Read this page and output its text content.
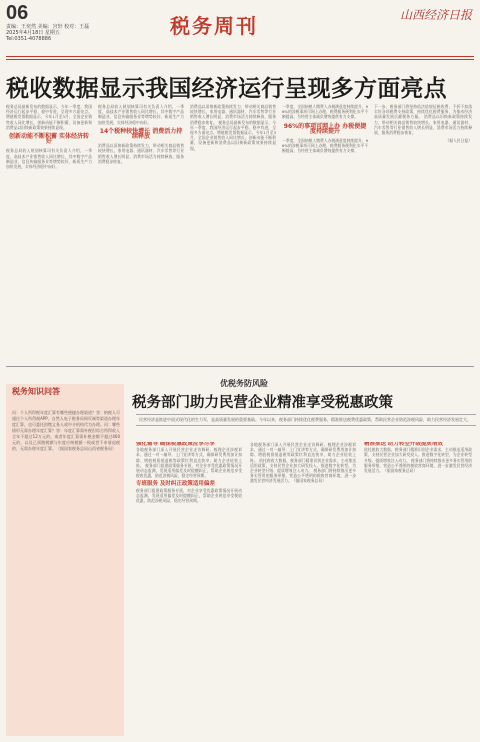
06
责编：王奕然 美编：宫轩 校对：王磊
2025年4月18日 星期五
Tel:0351-4078886
税务周刊	山西经济日报
税收数据显示我国经济运行呈现多方面亮点
税务总局最新发布的数据显示，今年一季度，我国经济运行起步平稳、稳中有进，呈现多方面亮点。增值税发票数据显示，今年1月至3月，全国企业销售收入同比增长，创新动能不断积蓄，设备更新和消费品以旧换新政策效果持续显现。
创新动能不断积蓄 实体经济转好
税务总局收入规划核算司有关负责人介绍，一季度，高技术产业销售收入同比增长，其中数字产品制造业、信息传输服务业等增势较好，新质生产力加快发展，实体经济稳中向好。
税务总局收入规划核算司有关负责人介绍，一季度，高技术产业销售收入同比增长，其中数字产品制造业、信息传输服务业等增势较好，新质生产力加快发展，实体经济稳中向好。
14个税种较快增长 消费活力持续释放
消费品以旧换新政策持续发力，带动相关商品销售较快增长，家用电器、通讯器材、汽车零售等行业销售收入增长明显，消费市场活力持续释放，服务消费稳步恢复。
消费品以旧换新政策持续发力，带动相关商品销售较快增长，家用电器、通讯器材、汽车零售等行业销售收入增长明显，消费市场活力持续释放，服务消费稳步恢复。 税务总局最新发布的数据显示，今年一季度，我国经济运行起步平稳、稳中有进，呈现多方面亮点。增值税发票数据显示，今年1月至3月，全国企业销售收入同比增长，创新动能不断积蓄，设备更新和消费品以旧换新政策效果持续显现。
一季度，全国纳税人缴费人办税满意度持续提升，96%的涉税事项可网上办理，税费服务便利化水平不断提高，为经营主体减负增效提供有力支撑。
96%的事项可网上办 办税便捷度持续提升
一季度，全国纳税人缴费人办税满意度持续提升，96%的涉税事项可网上办理，税费服务便利化水平不断提高，为经营主体减负增效提供有力支撑。
下一步，税务部门将坚持依法依规征税收费，不折不扣落实好各项税费支持政策，持续优化税费服务，为推动经济高质量发展贡献税务力量。 消费品以旧换新政策持续发力，带动相关商品销售较快增长，家用电器、通讯器材、汽车零售等行业销售收入增长明显，消费市场活力持续释放，服务消费稳步恢复。
（据人民日报）
税务知识问答
问：个人所得税年度汇算有哪些便捷办理渠道？答：纳税人可通过个人所得税APP、自然人电子税务局网页端等渠道办理年度汇算，也可委托扣缴义务人或中介机构代为办理。问：哪些情形无需办理年度汇算？答：年度汇算需补税但综合所得收入全年不超过12万元的，或者年度汇算需补税金额不超过400元的，以及已预缴税额与年度应纳税额一致或者不申请退税的，无需办理年度汇算。（据国家税务总局山西省税务局）
优税务防风险
税务部门助力民营企业精准享受税惠政策
民营经济是推进中国式现代化的生力军，是高质量发展的重要基础。今年以来，税务部门持续优化税费服务，精准推送税费优惠政策，帮助民营企业防范涉税风险，助力民营经济发展壮大。
强化辅导 确保税惠政策应享尽享
各地税务部门深入开展民营企业走访调研，梳理企业涉税诉求，通过一对一辅导、上门宣讲等方式，确保研发费用加计扣除、增值税留抵退税等政策红利直达快享，助力企业轻装上阵。 税务部门组建政策服务专班，对企业享受优惠政策情况开展动态监测，发现适用偏差及时提醒纠正，帮助企业规范享受税收优惠，防范涉税风险，稳定经营预期。
专班服务 及时纠正政策适用偏差
税务部门组建政策服务专班，对企业享受优惠政策情况开展动态监测，发现适用偏差及时提醒纠正，帮助企业规范享受税收优惠，防范涉税风险，稳定经营预期。
各地税务部门深入开展民营企业走访调研，梳理企业涉税诉求，通过一对一辅导、上门宣讲等方式，确保研发费用加计扣除、增值税留抵退税等政策红利直达快享，助力企业轻装上阵。 依托税收大数据，税务部门精准识别企业需求，主动推送适用政策，支持民营企业加大研发投入、推进数字化转型，为企业转型升级、提质增效注入动力。 税务部门将持续推出更多务实管用的服务举措，营造公平透明的税收营商环境，进一步激发民营经济发展活力。（据国家税务总局）
精准推送 助力转型升级提质增效
依托税收大数据，税务部门精准识别企业需求，主动推送适用政策，支持民营企业加大研发投入、推进数字化转型，为企业转型升级、提质增效注入动力。 税务部门将持续推出更多务实管用的服务举措，营造公平透明的税收营商环境，进一步激发民营经济发展活力。（据国家税务总局）
